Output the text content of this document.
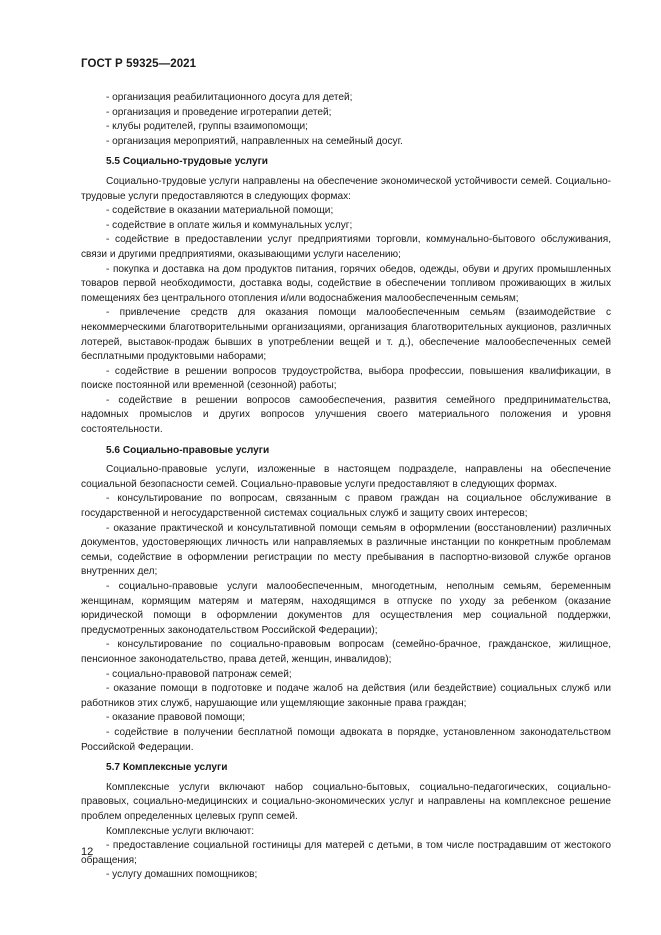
ГОСТ Р 59325—2021

- организация реабилитационного досуга для детей;

- организация и проведение игротерапии детей;

- клубы родителей, группы взаимопомощи;

- организация мероприятий, направленных на семейный досуг.

5.5 Социально-трудовые услуги

Социально-трудовые услуги направлены на обеспечение экономической устойчивости семей. Социально-трудовые услуги предоставляются в следующих формах:

- содействие в оказании материальной помощи;

- содействие в оплате жилья и коммунальных услуг;

- содействие в предоставлении услуг предприятиями торговли, коммунально-бытового обслуживания, связи и другими предприятиями, оказывающими услуги населению;

- покупка и доставка на дом продуктов питания, горячих обедов, одежды, обуви и других промышленных товаров первой необходимости, доставка воды, содействие в обеспечении топливом проживающих в жилых помещениях без центрального отопления и/или водоснабжения малообеспеченным семьям;

- привлечение средств для оказания помощи малообеспеченным семьям (взаимодействие с некоммерческими благотворительными организациями, организация благотворительных аукционов, различных лотерей, выставок-продаж бывших в употреблении вещей и т. д.), обеспечение малообеспеченных семей бесплатными продуктовыми наборами;

- содействие в решении вопросов трудоустройства, выбора профессии, повышения квалификации, в поиске постоянной или временной (сезонной) работы;

- содействие в решении вопросов самообеспечения, развития семейного предпринимательства, надомных промыслов и других вопросов улучшения своего материального положения и уровня состоятельности.

5.6 Социально-правовые услуги

Социально-правовые услуги, изложенные в настоящем подразделе, направлены на обеспечение социальной безопасности семей. Социально-правовые услуги предоставляют в следующих формах.

- консультирование по вопросам, связанным с правом граждан на социальное обслуживание в государственной и негосударственной системах социальных служб и защиту своих интересов;

- оказание практической и консультативной помощи семьям в оформлении (восстановлении) различных документов, удостоверяющих личность или направляемых в различные инстанции по конкретным проблемам семьи, содействие в оформлении регистрации по месту пребывания в паспортно-визовой службе органов внутренних дел;

- социально-правовые услуги малообеспеченным, многодетным, неполным семьям, беременным женщинам, кормящим матерям и матерям, находящимся в отпуске по уходу за ребенком (оказание юридической помощи в оформлении документов для осуществления мер социальной поддержки, предусмотренных законодательством Российской Федерации);

- консультирование по социально-правовым вопросам (семейно-брачное, гражданское, жилищное, пенсионное законодательство, права детей, женщин, инвалидов);

- социально-правовой патронаж семей;

- оказание помощи в подготовке и подаче жалоб на действия (или бездействие) социальных служб или работников этих служб, нарушающие или ущемляющие законные права граждан;

- оказание правовой помощи;

- содействие в получении бесплатной помощи адвоката в порядке, установленном законодательством Российской Федерации.

5.7 Комплексные услуги

Комплексные услуги включают набор социально-бытовых, социально-педагогических, социально-правовых, социально-медицинских и социально-экономических услуг и направлены на комплексное решение проблем определенных целевых групп семей.

Комплексные услуги включают:

- предоставление социальной гостиницы для матерей с детьми, в том числе пострадавшим от жестокого обращения;

- услугу домашних помощников;

12
